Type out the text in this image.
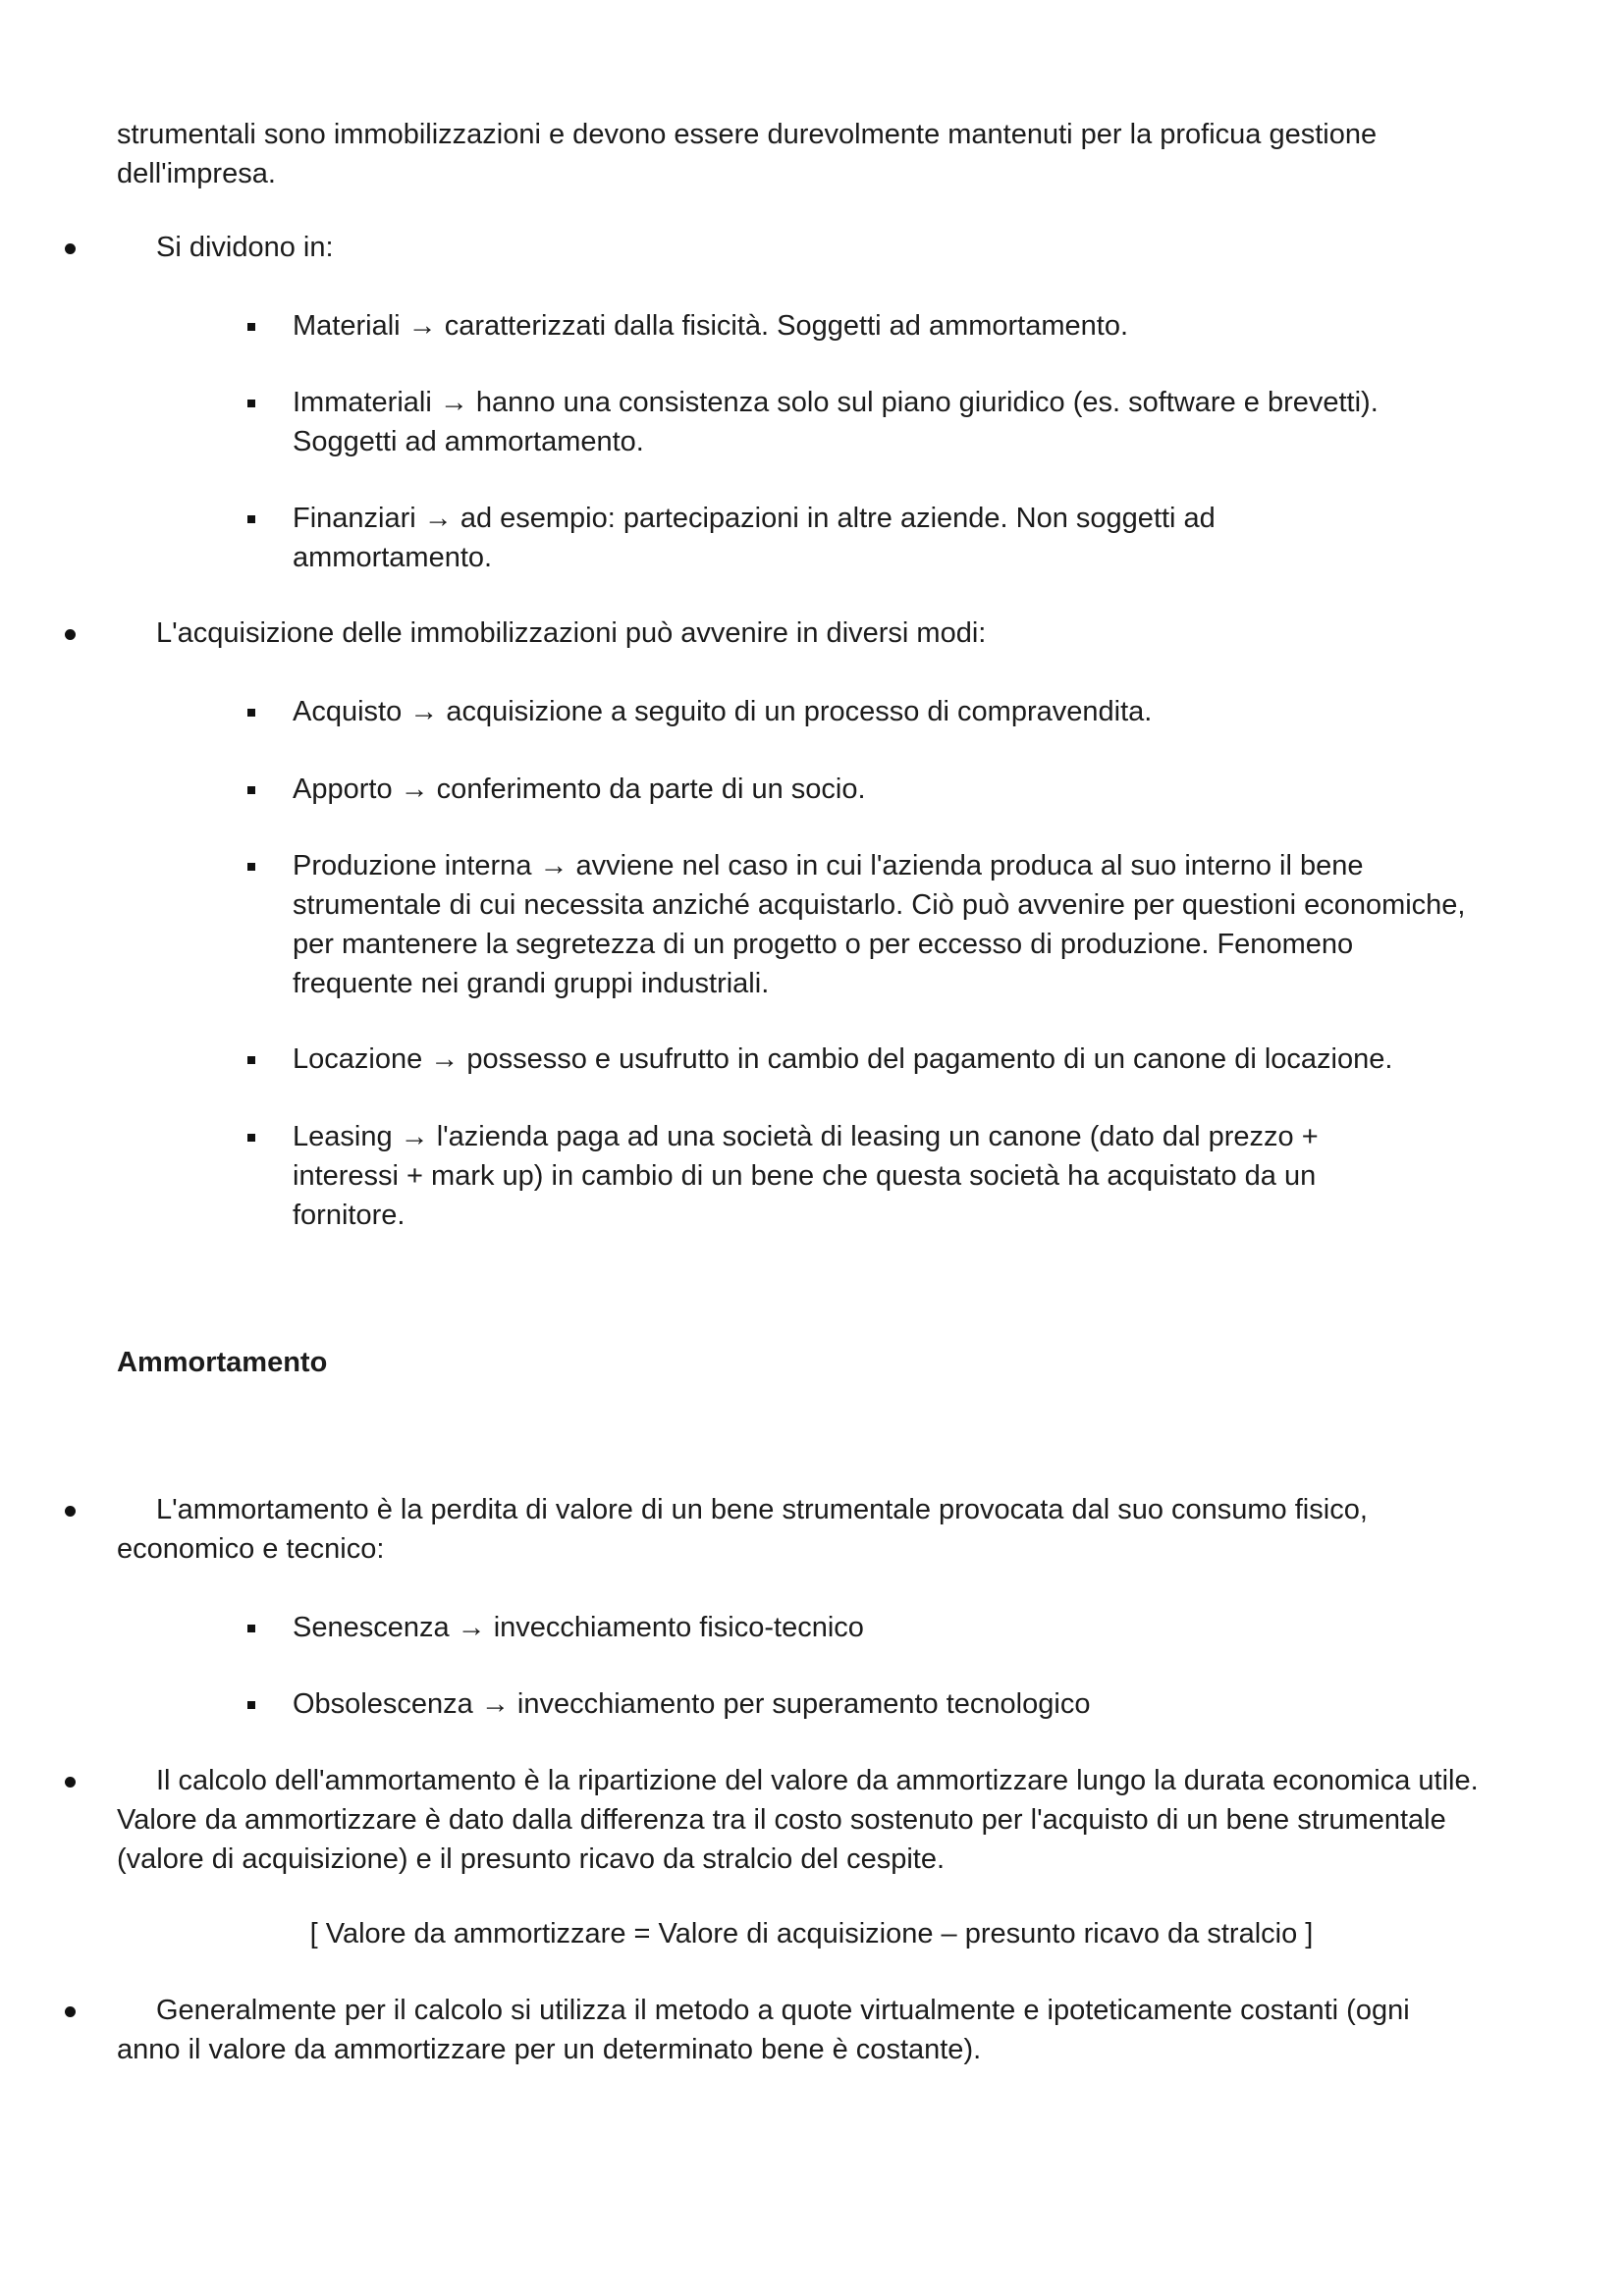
strumentali sono immobilizzazioni e devono essere durevolmente mantenuti per la proficua gestione dell'impresa.

Si dividono in:

Materiali → caratterizzati dalla fisicità. Soggetti ad ammortamento.

Immateriali → hanno una consistenza solo sul piano giuridico (es. software e brevetti). Soggetti ad ammortamento.

Finanziari → ad esempio: partecipazioni in altre aziende. Non soggetti ad ammortamento.

L'acquisizione delle immobilizzazioni può avvenire in diversi modi:

Acquisto → acquisizione a seguito di un processo di compravendita.

Apporto → conferimento da parte di un socio.

Produzione interna → avviene nel caso in cui l'azienda produca al suo interno il bene strumentale di cui necessita anziché acquistarlo. Ciò può avvenire per questioni economiche, per mantenere la segretezza di un progetto o per eccesso di produzione. Fenomeno frequente nei grandi gruppi industriali.

Locazione → possesso e usufrutto in cambio del pagamento di un canone di locazione.

Leasing → l'azienda paga ad una società di leasing un canone (dato dal prezzo + interessi + mark up) in cambio di un bene che questa società ha acquistato da un fornitore.

Ammortamento

L'ammortamento è la perdita di valore di un bene strumentale provocata dal suo consumo fisico, economico e tecnico:

Senescenza → invecchiamento fisico-tecnico

Obsolescenza → invecchiamento per superamento tecnologico

Il calcolo dell'ammortamento è la ripartizione del valore da ammortizzare lungo la durata economica utile. Valore da ammortizzare è dato dalla differenza tra il costo sostenuto per l'acquisto di un bene strumentale (valore di acquisizione) e il presunto ricavo da stralcio del cespite.

[ Valore da ammortizzare = Valore di acquisizione – presunto ricavo da stralcio ]

Generalmente per il calcolo si utilizza il metodo a quote virtualmente e ipoteticamente costanti (ogni anno il valore da ammortizzare per un determinato bene è costante).
